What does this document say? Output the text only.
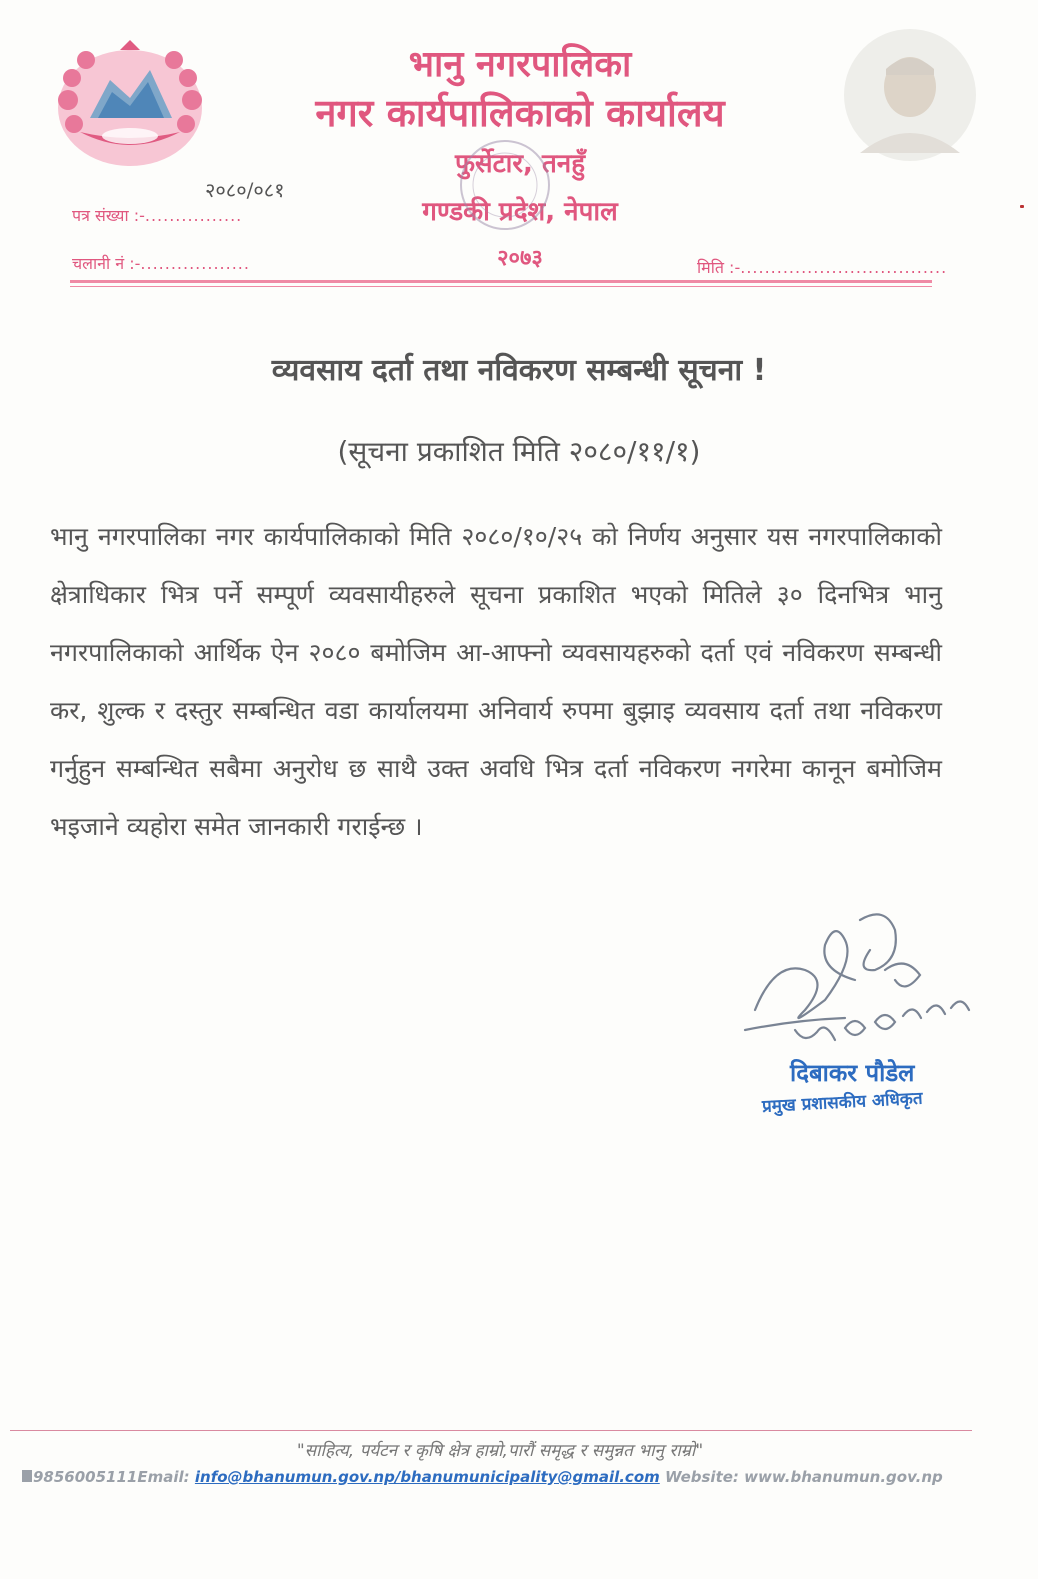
भानु नगरपालिका
नगर कार्यपालिकाको कार्यालय
फुर्सेटार, तनहुँ
गण्डकी प्रदेश, नेपाल
२०७३
२०८०/०८१
पत्र संख्या :-................
चलानी नं :-..................	मिति :-..................................
व्यवसाय दर्ता तथा नविकरण सम्बन्धी सूचना !
(सूचना प्रकाशित मिति २०८०/११/१)

भानु नगरपालिका नगर कार्यपालिकाको मिति २०८०/१०/२५ को निर्णय अनुसार यस नगरपालिकाको क्षेत्राधिकार भित्र पर्ने सम्पूर्ण व्यवसायीहरुले सूचना प्रकाशित भएको मितिले ३० दिनभित्र भानु नगरपालिकाको आर्थिक ऐन २०८० बमोजिम आ-आफ्नो व्यवसायहरुको दर्ता एवं नविकरण सम्बन्धी कर, शुल्क र दस्तुर सम्बन्धित वडा कार्यालयमा अनिवार्य रुपमा बुझाइ व्यवसाय दर्ता तथा नविकरण गर्नुहुन सम्बन्धित सबैमा अनुरोध छ साथै उक्त अवधि भित्र दर्ता नविकरण नगरेमा कानून बमोजिम भइजाने व्यहोरा समेत जानकारी गराईन्छ ।

दिबाकर पौडेल
प्रमुख प्रशासकीय अधिकृत
"साहित्य, पर्यटन र कृषि क्षेत्र हाम्रो,पारौं समृद्ध र समुन्नत भानु राम्रो"
9856005111Email: info@bhanumun.gov.np/bhanumunicipality@gmail.com Website: www.bhanumun.gov.np
